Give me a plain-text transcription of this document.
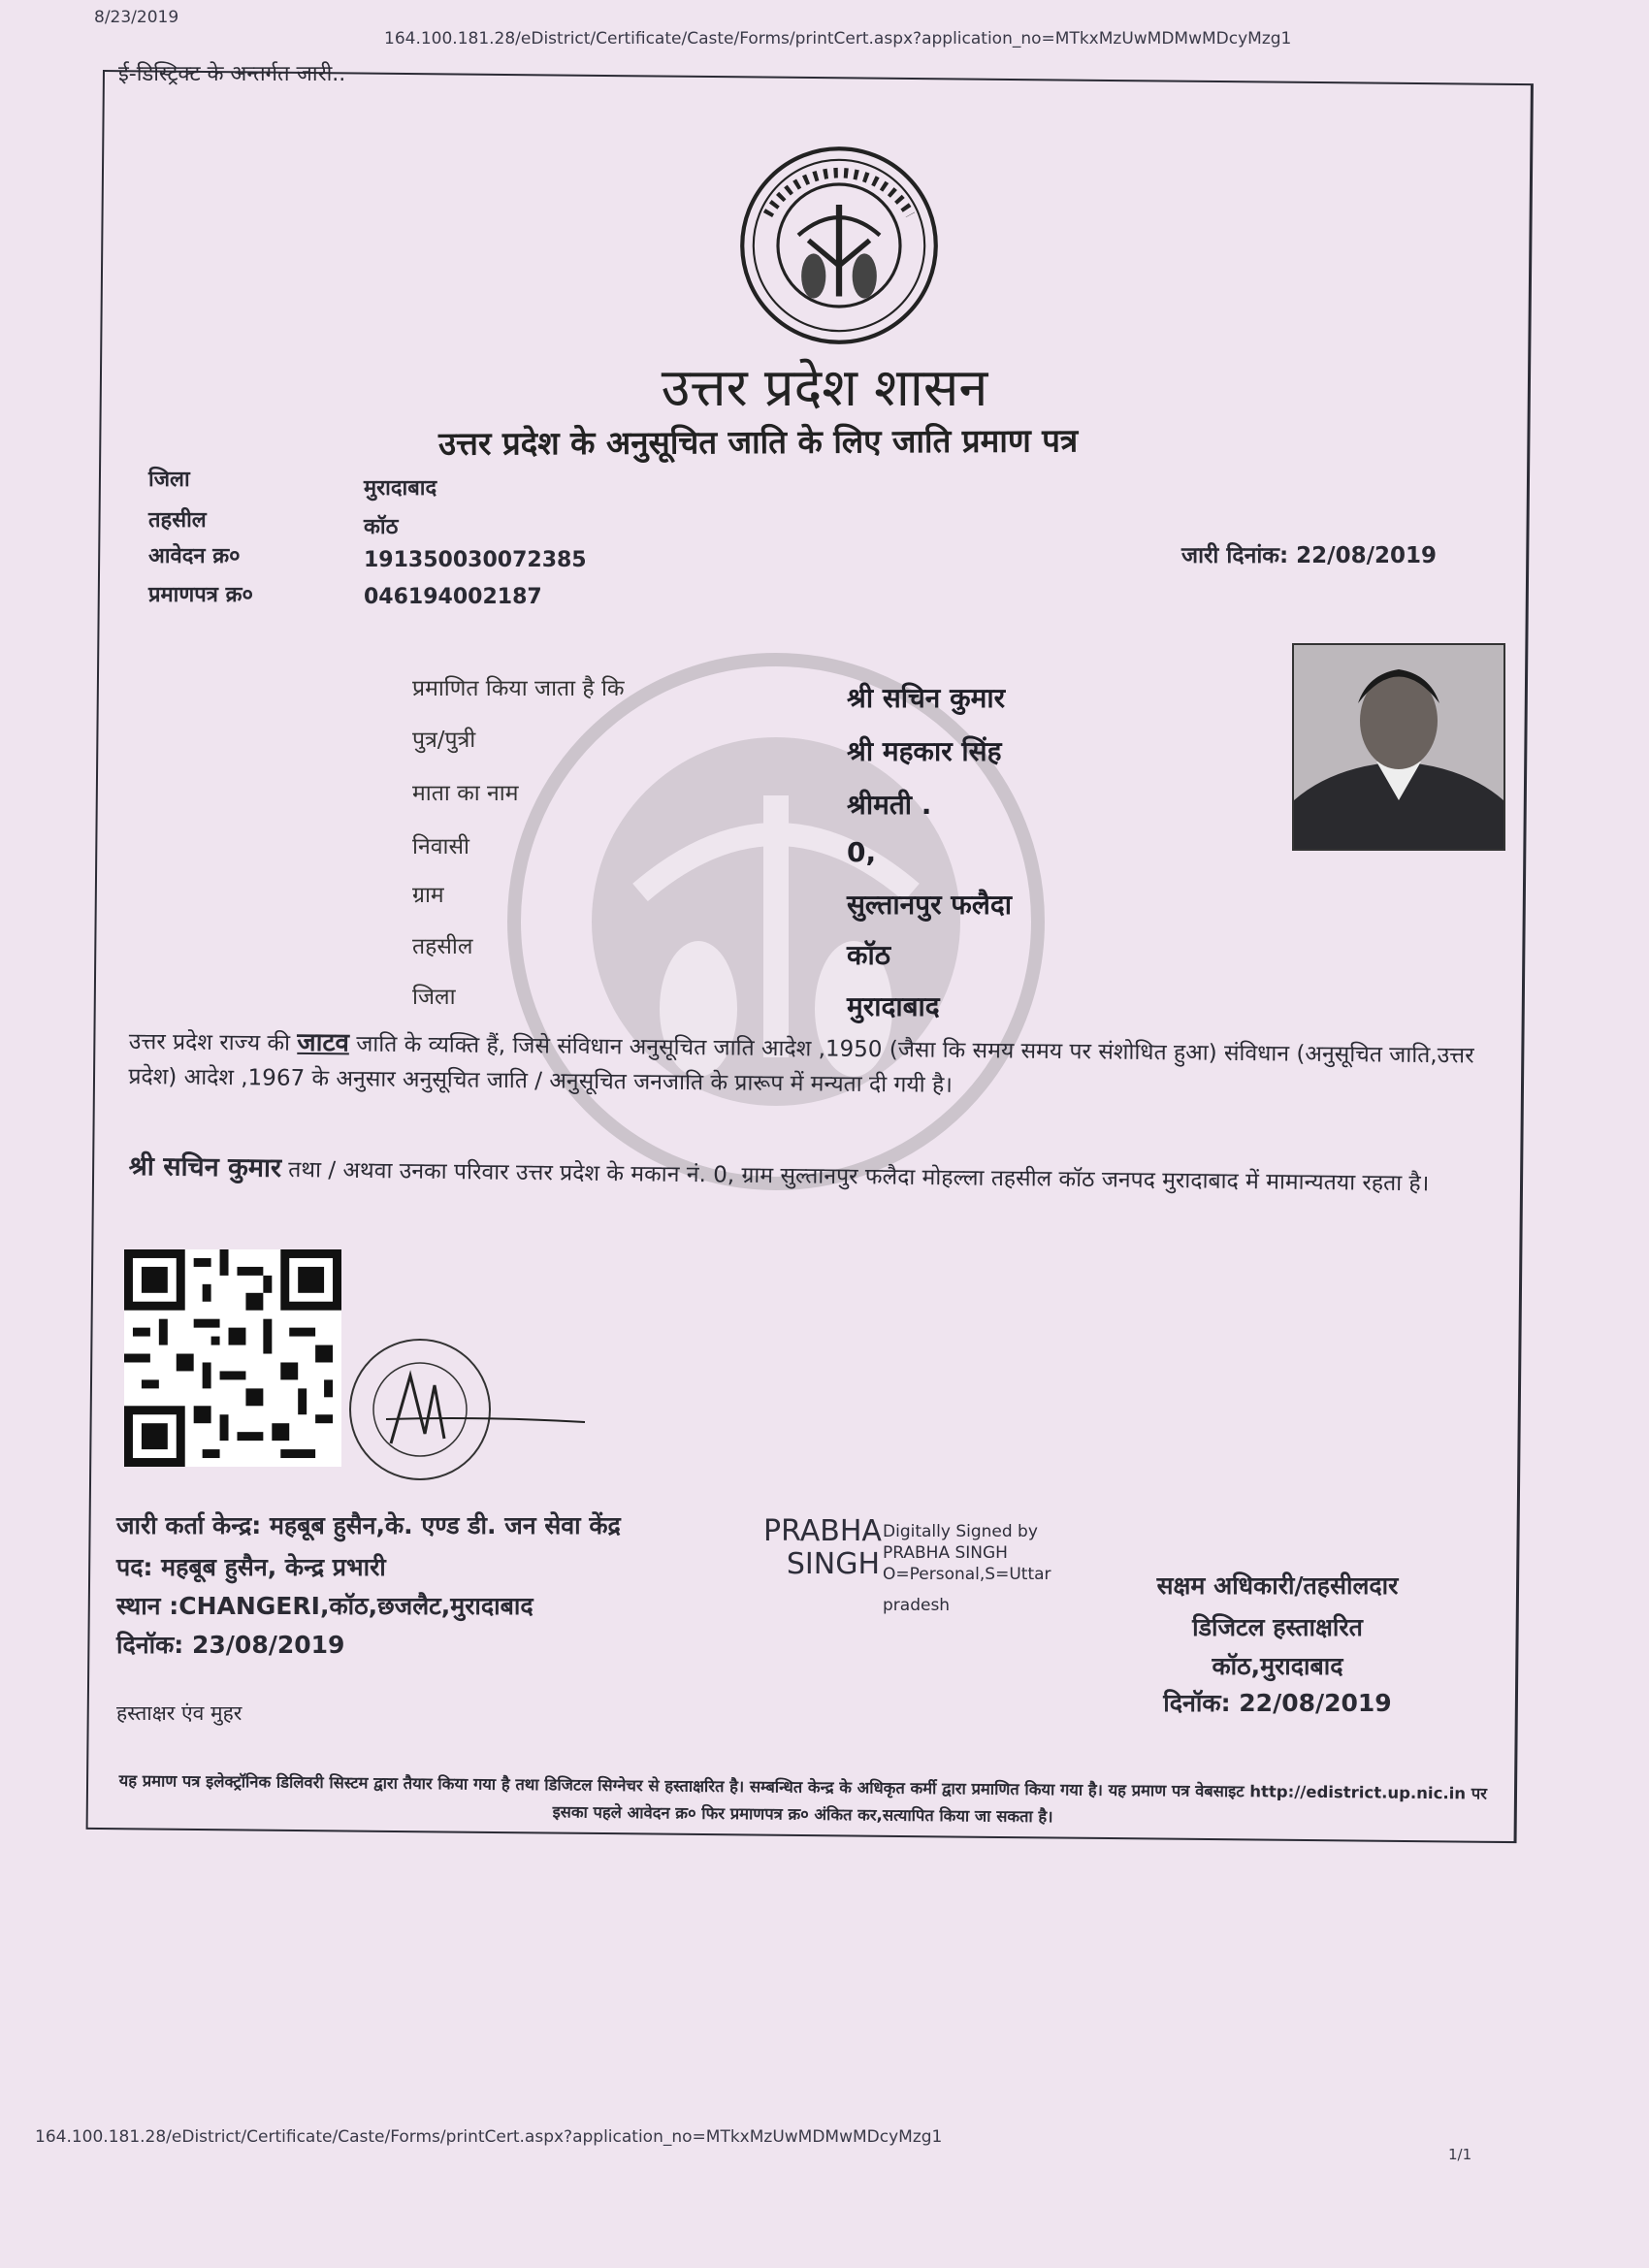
8/23/2019
164.100.181.28/eDistrict/Certificate/Caste/Forms/printCert.aspx?application_no=MTkxMzUwMDMwMDcyMzg1
ई-डिस्ट्रिक्ट के अन्तर्गत जारी..
उत्तर प्रदेश शासन
उत्तर प्रदेश के अनुसूचित जाति के लिए जाति प्रमाण पत्र
जिला	मुरादाबाद
तहसील	कॉठ
आवेदन क्र०	191350030072385
प्रमाणपत्र क्र०	046194002187
जारी दिनांक: 22/08/2019
प्रमाणित किया जाता है कि	श्री सचिन कुमार
पुत्र/पुत्री	श्री महकार सिंह
माता का नाम	श्रीमती .
निवासी	0,
ग्राम	सुल्तानपुर फलैदा
तहसील	कॉठ
जिला	मुरादाबाद
उत्तर प्रदेश राज्य की जाटव जाति के व्यक्ति हैं, जिसे संविधान अनुसूचित जाति आदेश ,1950 (जैसा कि समय समय पर संशोधित हुआ) संविधान (अनुसूचित जाति,उत्तर प्रदेश) आदेश ,1967 के अनुसार अनुसूचित जाति / अनुसूचित जनजाति के प्रारूप में मन्यता दी गयी है।
श्री सचिन कुमार तथा / अथवा उनका परिवार उत्तर प्रदेश के मकान नं. 0, ग्राम सुल्तानपुर फलैदा मोहल्ला तहसील कॉठ जनपद मुरादाबाद में मामान्यतया रहता है।
जारी कर्ता केन्द्र: महबूब हुसैन,के. एण्ड डी. जन सेवा केंद्र
पद: महबूब हुसैन, केन्द्र प्रभारी
स्थान :CHANGERI,कॉठ,छजलैट,मुरादाबाद
दिनॉक: 23/08/2019
हस्ताक्षर एंव मुहर
PRABHA
SINGH
Digitally Signed by
PRABHA SINGH
O=Personal,S=Uttar
pradesh
सक्षम अधिकारी/तहसीलदार
डिजिटल हस्ताक्षरित
कॉठ,मुरादाबाद
दिनॉक: 22/08/2019
यह प्रमाण पत्र इलेक्ट्रॉनिक डिलिवरी सिस्टम द्वारा तैयार किया गया है तथा डिजिटल सिग्नेचर से हस्ताक्षरित है। सम्बन्धित केन्द्र के अधिकृत कर्मी द्वारा प्रमाणित किया गया है। यह प्रमाण पत्र वेबसाइट http://edistrict.up.nic.in पर इसका पहले आवेदन क्र० फिर प्रमाणपत्र क्र० अंकित कर,सत्यापित किया जा सकता है।
164.100.181.28/eDistrict/Certificate/Caste/Forms/printCert.aspx?application_no=MTkxMzUwMDMwMDcyMzg1
1/1
